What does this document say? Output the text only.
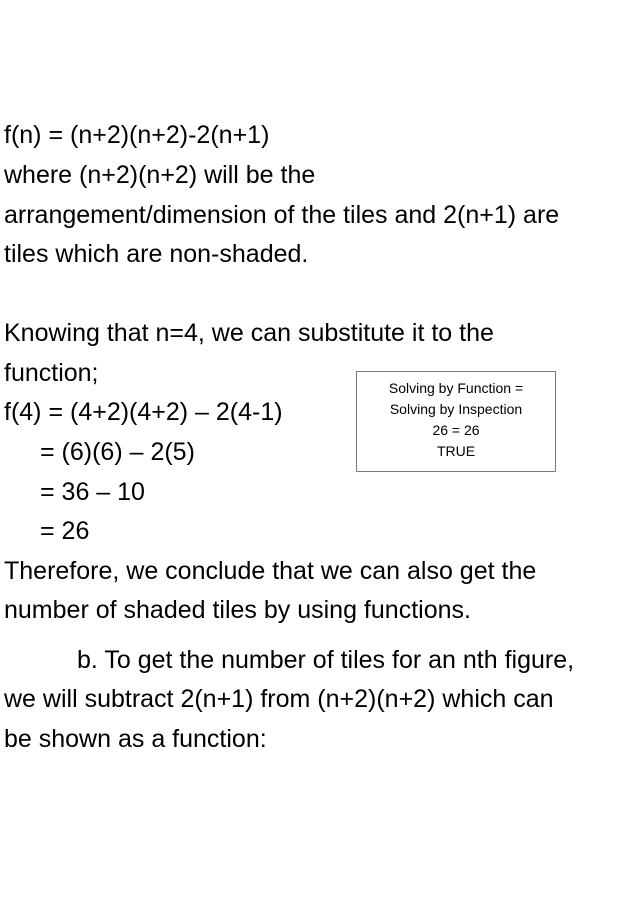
f(n) = (n+2)(n+2)-2(n+1)
where (n+2)(n+2) will be the
arrangement/dimension of the tiles and 2(n+1) are
tiles which are non-shaded.
Knowing that n=4, we can substitute it to the
function;
f(4) = (4+2)(4+2) – 2(4-1)
= (6)(6) – 2(5)
= 36 – 10
= 26
Therefore, we conclude that we can also get the
number of shaded tiles by using functions.
b. To get the number of tiles for an nth figure,
we will subtract 2(n+1) from (n+2)(n+2) which can
be shown as a function:
Solving by Function =
Solving by Inspection
26 = 26
TRUE
